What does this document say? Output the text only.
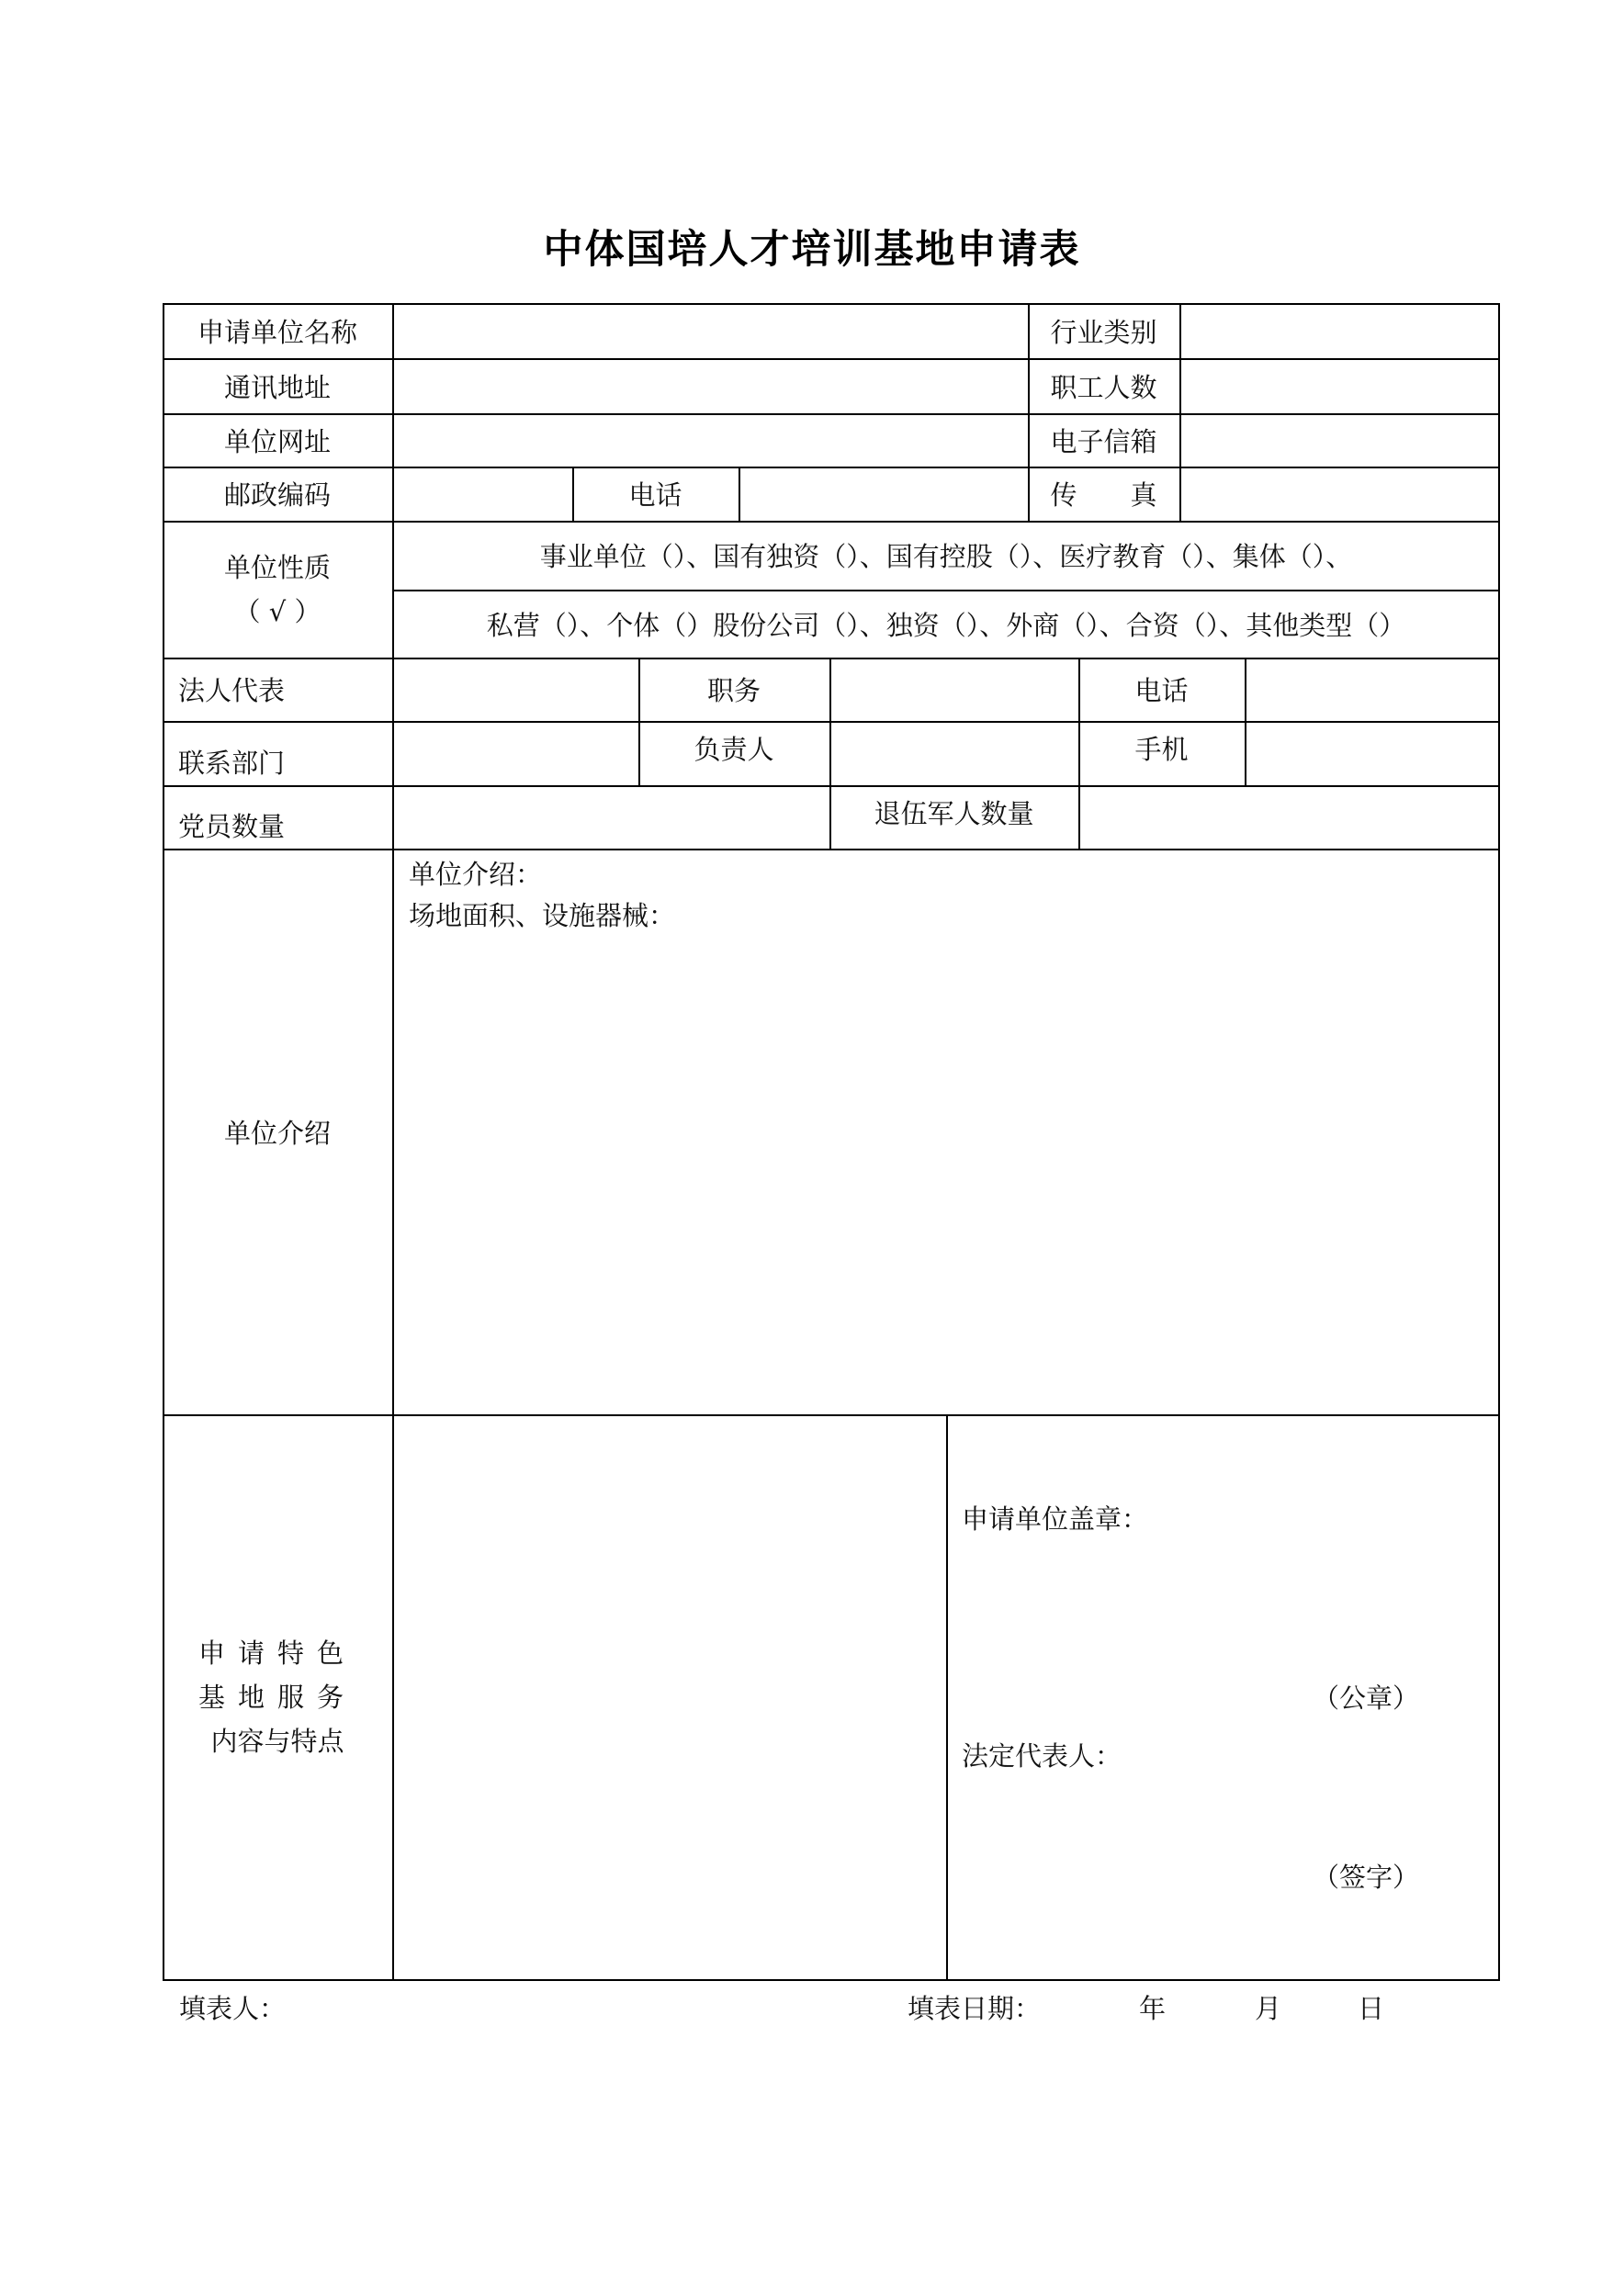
中体国培人才培训基地申请表
申请单位名称	行业类别
通讯地址	职工人数
单位网址	电子信箱
邮政编码	电话	传　　真
单位性质
（ √ ）
事业单位（）、国有独资（）、国有控股（）、医疗教育（）、集体（）、
私营（）、个体（）股份公司（）、独资（）、外商（）、合资（）、其他类型（）
法人代表	职务	电话
联系部门	负责人	手机
党员数量	退伍军人数量
单位介绍
单位介绍：
场地面积、设施器械：
申请特色
基地服务
内容与特点
申请单位盖章：
（公章）
法定代表人：
（签字）
填表人：	填表日期：	年	月	日
